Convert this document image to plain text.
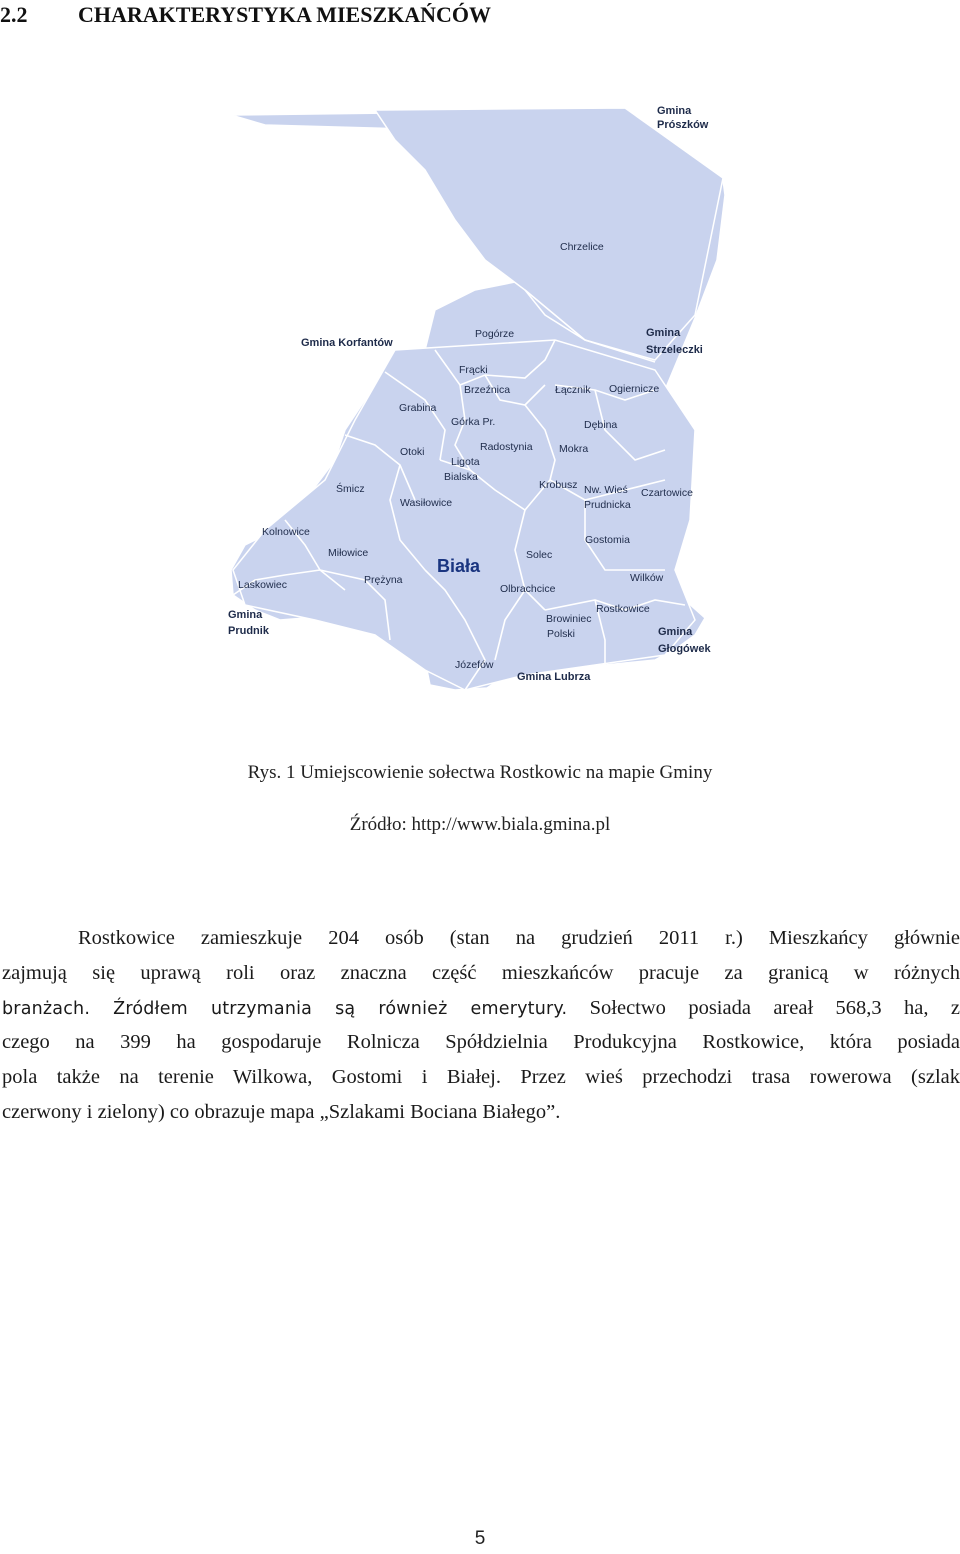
2.2 CHARAKTERYSTYKA MIESZKAŃCÓW
Biała
Gmina
Prószków
Gmina Korfantów
Gmina
Strzeleczki
Gmina
Prudnik	Gmina
Głogówek
Gmina Lubrza
Chrzelice
Pogórze
Frącki
Brzeźnica	Łącznik Ogiernicze
Grabina
Górka Pr.	Dębina
Radostynia	Mokra
Otoki
Ligota
Bialska
Krobusz Nw. Wieś
Prudnicka
Czartowice
Śmicz
Wasiłowice
Kolnowice
Miłowice	Solec
Gostomia
Prężyna
Olbrachcice
Laskowiec
Wilków
Browiniec
Polski
Rostkowice
Józefów
Rys. 1 Umiejscowienie sołectwa Rostkowic na mapie Gminy
Źródło: http://www.biala.gmina.pl
Rostkowice zamieszkuje 204 osób (stan na grudzień 2011 r.) Mieszkańcy głównie
zajmują się uprawą roli oraz znaczna część mieszkańców pracuje za granicą w różnych
branżach. Źródłem utrzymania są również emerytury. Sołectwo posiada areał 568,3 ha, z
czego na 399 ha gospodaruje Rolnicza Spółdzielnia Produkcyjna Rostkowice, która posiada
pola także na terenie Wilkowa, Gostomi i Białej. Przez wieś przechodzi trasa rowerowa (szlak
czerwony i zielony) co obrazuje mapa „Szlakami Bociana Białego”.
5
